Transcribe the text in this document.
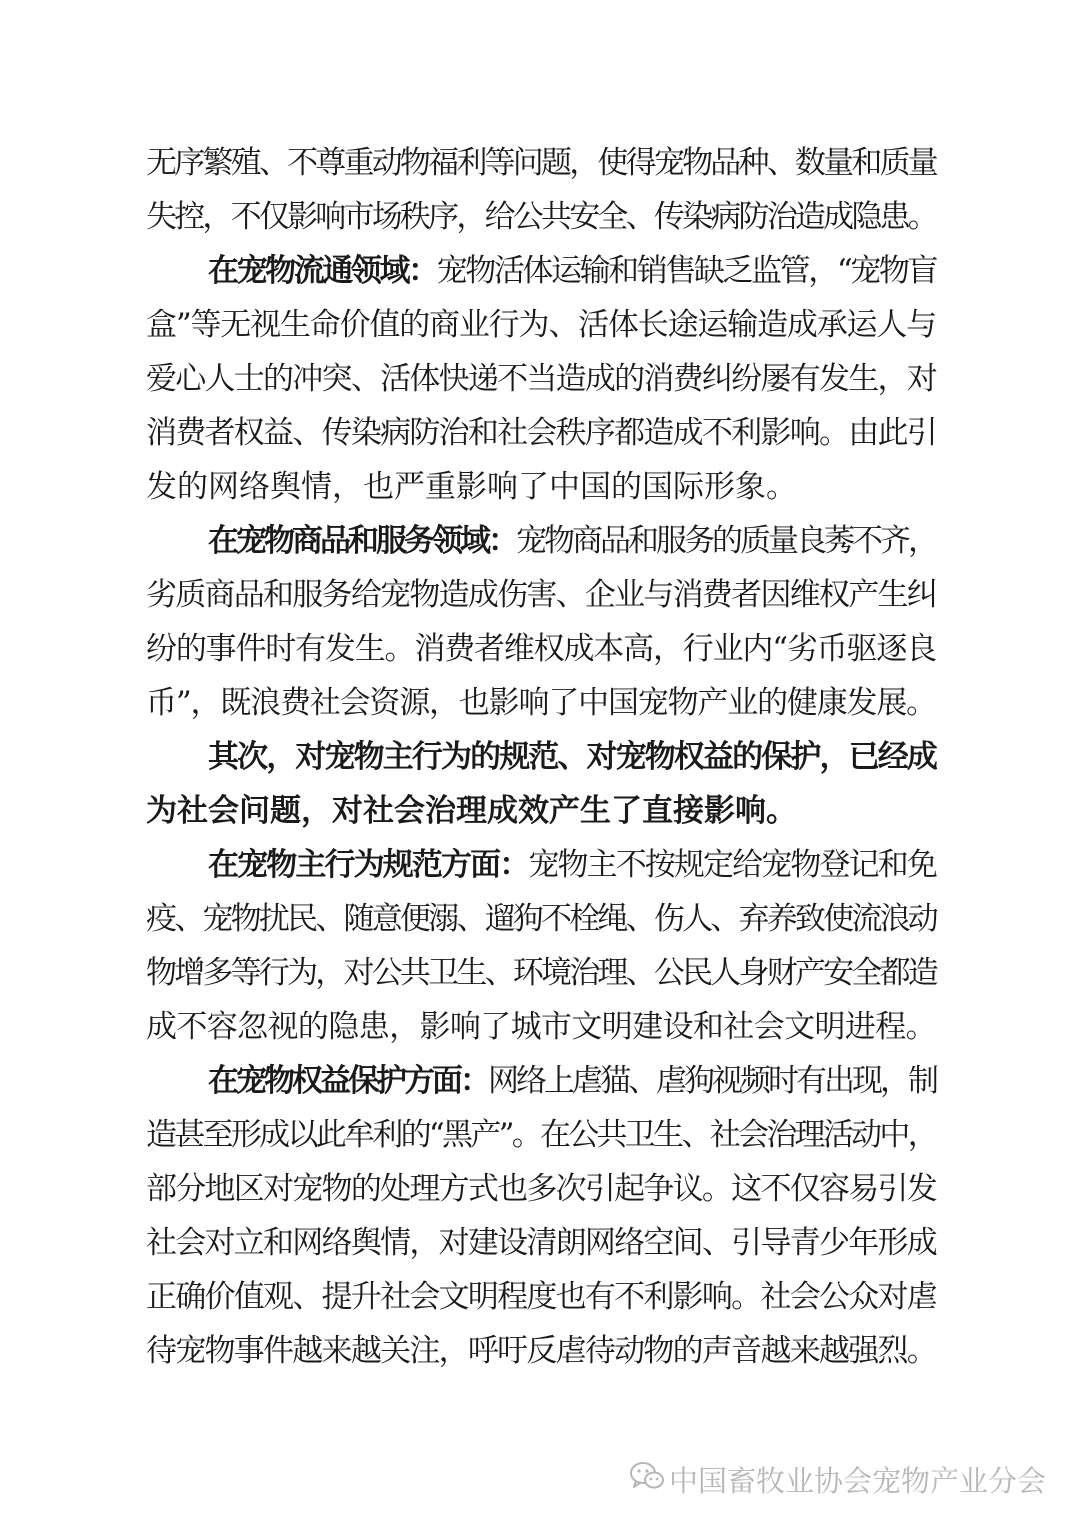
无序繁殖、不尊重动物福利等问题，使得宠物品种、数量和质量
失控，不仅影响市场秩序，给公共安全、传染病防治造成隐患。
在宠物流通领域：宠物活体运输和销售缺乏监管，“宠物盲
盒”等无视生命价值的商业行为、活体长途运输造成承运人与
爱心人士的冲突、活体快递不当造成的消费纠纷屡有发生，对
消费者权益、传染病防治和社会秩序都造成不利影响。由此引
发的网络舆情，也严重影响了中国的国际形象。
在宠物商品和服务领域：宠物商品和服务的质量良莠不齐，
劣质商品和服务给宠物造成伤害、企业与消费者因维权产生纠
纷的事件时有发生。消费者维权成本高，行业内“劣币驱逐良
币”，既浪费社会资源，也影响了中国宠物产业的健康发展。
其次，对宠物主行为的规范、对宠物权益的保护，已经成
为社会问题，对社会治理成效产生了直接影响。
在宠物主行为规范方面：宠物主不按规定给宠物登记和免
疫、宠物扰民、随意便溺、遛狗不栓绳、伤人、弃养致使流浪动
物增多等行为，对公共卫生、环境治理、公民人身财产安全都造
成不容忽视的隐患，影响了城市文明建设和社会文明进程。
在宠物权益保护方面：网络上虐猫、虐狗视频时有出现，制
造甚至形成以此牟利的“黑产”。在公共卫生、社会治理活动中，
部分地区对宠物的处理方式也多次引起争议。这不仅容易引发
社会对立和网络舆情，对建设清朗网络空间、引导青少年形成
正确价值观、提升社会文明程度也有不利影响。社会公众对虐
待宠物事件越来越关注，呼吁反虐待动物的声音越来越强烈。
中国畜牧业协会宠物产业分会
